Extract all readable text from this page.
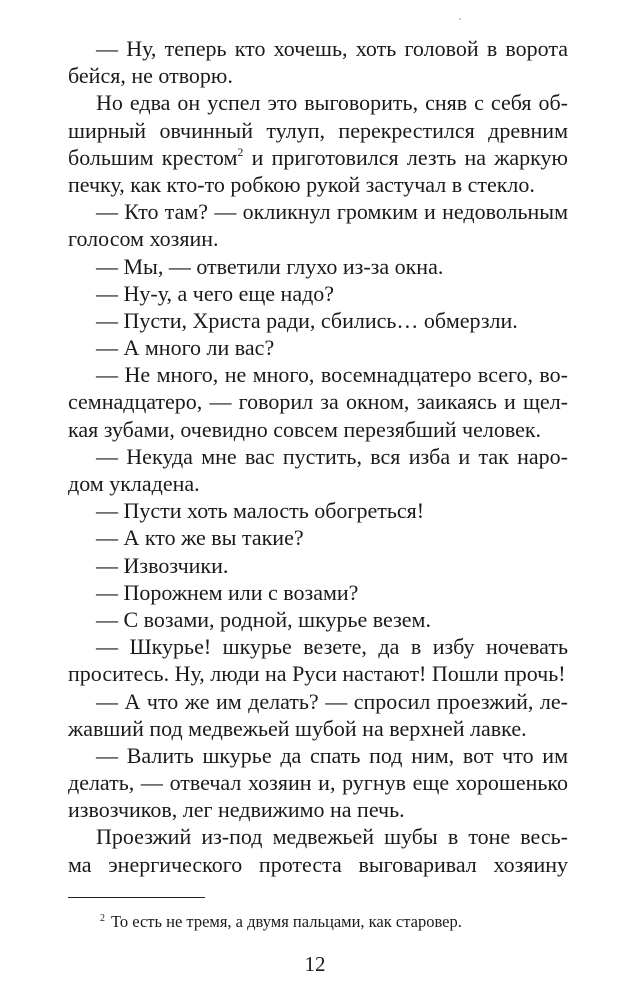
— Ну, теперь кто хочешь, хоть головой в ворота
бейся, не отворю.
Но едва он успел это выговорить, сняв с себя об-
ширный овчинный тулуп, перекрестился древним
большим крестом$^2$ и приготовился лезть на жаркую
печку, как кто-то робкою рукой застучал в стекло.
— Кто там? — окликнул громким и недовольным
голосом хозяин.
— Мы, — ответили глухо из-за окна.
— Ну-у, а чего еще надо?
— Пусти, Христа ради, сбились… обмерзли.
— А много ли вас?
— Не много, не много, восемнадцатеро всего, во-
семнадцатеро, — говорил за окном, заикаясь и щел-
кая зубами, очевидно совсем перезябший человек.
— Некуда мне вас пустить, вся изба и так наро-
дом укладена.
— Пусти хоть малость обогреться!
— А кто же вы такие?
— Извозчики.
— Порожнем или с возами?
— С возами, родной, шкурье везем.
— Шкурье! шкурье везете, да в избу ночевать
проситесь. Ну, люди на Руси настают! Пошли прочь!
— А что же им делать? — спросил проезжий, ле-
жавший под медвежьей шубой на верхней лавке.
— Валить шкурье да спать под ним, вот что им
делать, — отвечал хозяин и, ругнув еще хорошенько
извозчиков, лег недвижимо на печь.
Проезжий из-под медвежьей шубы в тоне весь-
ма энергического протеста выговаривал хозяину
$^2$ То есть не тремя, а двумя пальцами, как старовер.
12
